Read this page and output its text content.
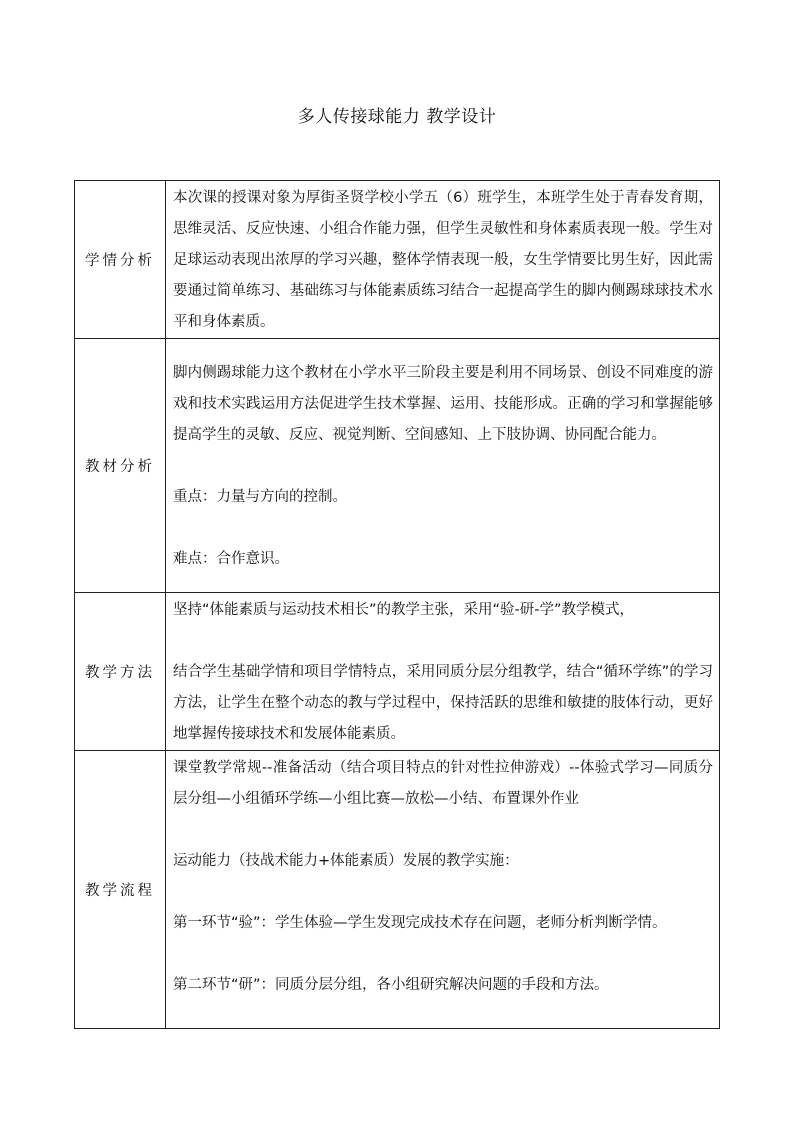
多人传接球能力 教学设计
学情分析	本次课的授课对象为厚街圣贤学校小学五（6）班学生，本班学生处于青春发育期，思维灵活、反应快速、小组合作能力强，但学生灵敏性和身体素质表现一般。学生对足球运动表现出浓厚的学习兴趣，整体学情表现一般，女生学情要比男生好，因此需要通过简单练习、基础练习与体能素质练习结合一起提高学生的脚内侧踢球球技术水平和身体素质。

教材分析	脚内侧踢球能力这个教材在小学水平三阶段主要是利用不同场景、创设不同难度的游戏和技术实践运用方法促进学生技术掌握、运用、技能形成。正确的学习和掌握能够提高学生的灵敏、反应、视觉判断、空间感知、上下肢协调、协同配合能力。

重点：力量与方向的控制。

难点：合作意识。

教学方法	坚持“体能素质与运动技术相长”的教学主张，采用“验-研-学”教学模式，

结合学生基础学情和项目学情特点，采用同质分层分组教学，结合“循环学练”的学习方法，让学生在整个动态的教与学过程中，保持活跃的思维和敏捷的肢体行动，更好地掌握传接球技术和发展体能素质。

教学流程	课堂教学常规--准备活动（结合项目特点的针对性拉伸游戏）--体验式学习—同质分层分组—小组循环学练—小组比赛—放松—小结、布置课外作业

运动能力（技战术能力+体能素质）发展的教学实施：

第一环节“验”：学生体验—学生发现完成技术存在问题，老师分析判断学情。

第二环节“研”：同质分层分组，各小组研究解决问题的手段和方法。
